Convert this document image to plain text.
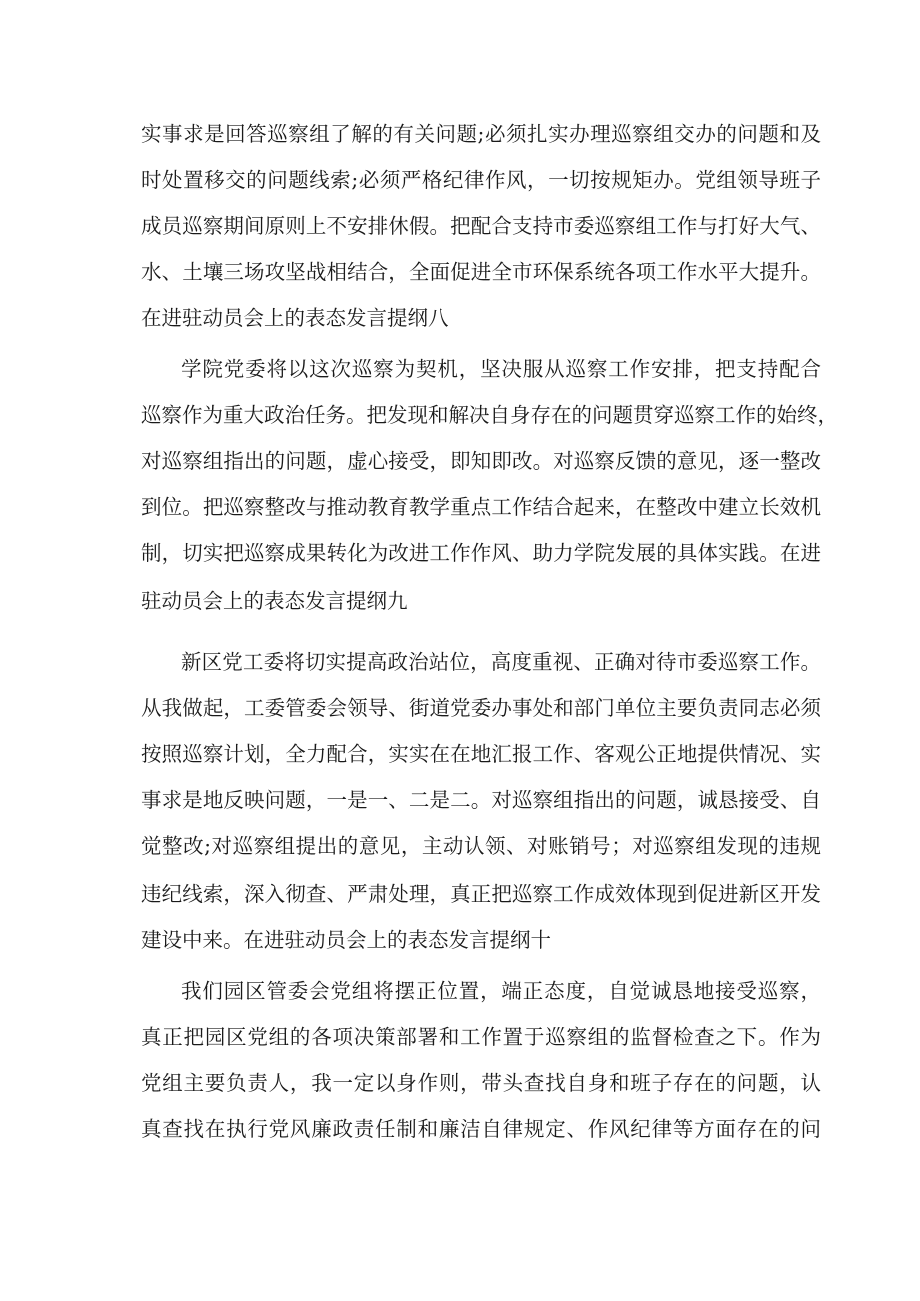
实事求是回答巡察组了解的有关问题;必须扎实办理巡察组交办的问题和及
时处置移交的问题线索;必须严格纪律作风，一切按规矩办。党组领导班子
成员巡察期间原则上不安排休假。把配合支持市委巡察组工作与打好大气、
水、土壤三场攻坚战相结合，全面促进全市环保系统各项工作水平大提升。
在进驻动员会上的表态发言提纲八
学院党委将以这次巡察为契机，坚决服从巡察工作安排，把支持配合
巡察作为重大政治任务。把发现和解决自身存在的问题贯穿巡察工作的始终，
对巡察组指出的问题，虚心接受，即知即改。对巡察反馈的意见，逐一整改
到位。把巡察整改与推动教育教学重点工作结合起来，在整改中建立长效机
制，切实把巡察成果转化为改进工作作风、助力学院发展的具体实践。在进
驻动员会上的表态发言提纲九
新区党工委将切实提高政治站位，高度重视、正确对待市委巡察工作。
从我做起，工委管委会领导、街道党委办事处和部门单位主要负责同志必须
按照巡察计划，全力配合，实实在在地汇报工作、客观公正地提供情况、实
事求是地反映问题，一是一、二是二。对巡察组指出的问题，诚恳接受、自
觉整改;对巡察组提出的意见，主动认领、对账销号；对巡察组发现的违规
违纪线索，深入彻查、严肃处理，真正把巡察工作成效体现到促进新区开发
建设中来。在进驻动员会上的表态发言提纲十
我们园区管委会党组将摆正位置，端正态度，自觉诚恳地接受巡察，
真正把园区党组的各项决策部署和工作置于巡察组的监督检查之下。作为
党组主要负责人，我一定以身作则，带头查找自身和班子存在的问题，认
真查找在执行党风廉政责任制和廉洁自律规定、作风纪律等方面存在的问
